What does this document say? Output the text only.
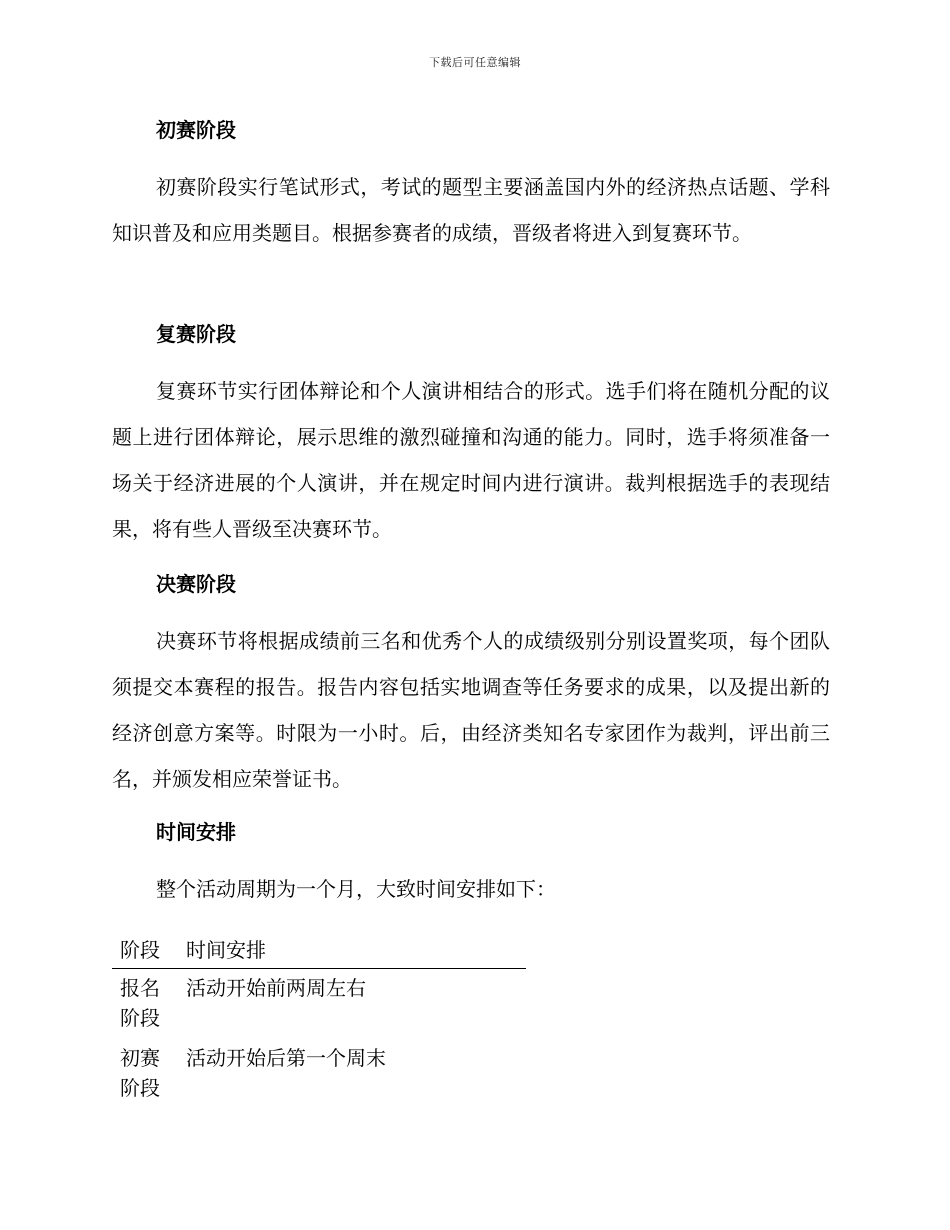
下载后可任意编辑
初赛阶段
初赛阶段实行笔试形式，考试的题型主要涵盖国内外的经济热点话题、学科知识普及和应用类题目。根据参赛者的成绩，晋级者将进入到复赛环节。
复赛阶段
复赛环节实行团体辩论和个人演讲相结合的形式。选手们将在随机分配的议题上进行团体辩论，展示思维的激烈碰撞和沟通的能力。同时，选手将须准备一场关于经济进展的个人演讲，并在规定时间内进行演讲。裁判根据选手的表现结果，将有些人晋级至决赛环节。
决赛阶段
决赛环节将根据成绩前三名和优秀个人的成绩级别分别设置奖项，每个团队须提交本赛程的报告。报告内容包括实地调查等任务要求的成果，以及提出新的经济创意方案等。时限为一小时。后，由经济类知名专家团作为裁判，评出前三名，并颁发相应荣誉证书。
时间安排
整个活动周期为一个月，大致时间安排如下：
阶段	时间安排
报名阶段	活动开始前两周左右
初赛阶段	活动开始后第一个周末
